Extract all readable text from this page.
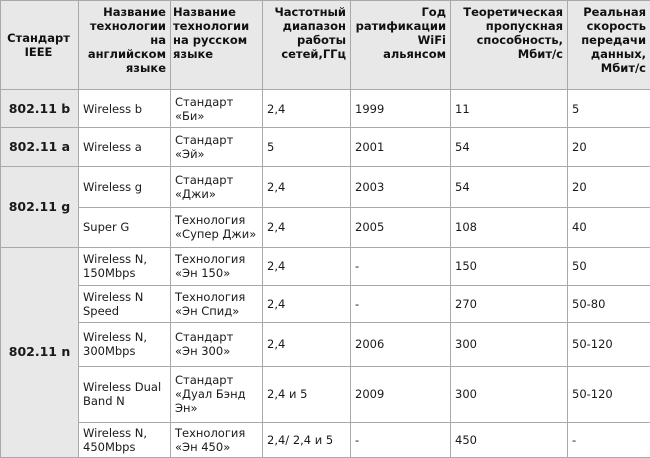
Стандарт IEEE	Название технологии на английском языке	Название технологии на русском языке	Частотный диапазон работы сетей,ГГц	Год ратификации WiFi альянсом	Теоретическая пропускная способность, Мбит/с	Реальная скорость передачи данных, Мбит/с
802.11 b	Wireless b	Стандарт «Би»	2,4	1999	11	5
802.11 a	Wireless a	Стандарт «Эй»	5	2001	54	20
802.11 g	Wireless g	Стандарт «Джи»	2,4	2003	54	20
	Super G	Технология «Супер Джи»	2,4	2005	108	40
802.11 n	Wireless N, 150Mbps	Технология «Эн 150»	2,4	-	150	50
	Wireless N Speed	Технология «Эн Спид»	2,4	-	270	50-80
	Wireless N, 300Mbps	Стандарт «Эн 300»	2,4	2006	300	50-120
	Wireless Dual Band N	Стандарт «Дуал Бэнд Эн»	2,4 и 5	2009	300	50-120
	Wireless N, 450Mbps	Технология «Эн 450»	2,4/ 2,4 и 5	-	450	-
